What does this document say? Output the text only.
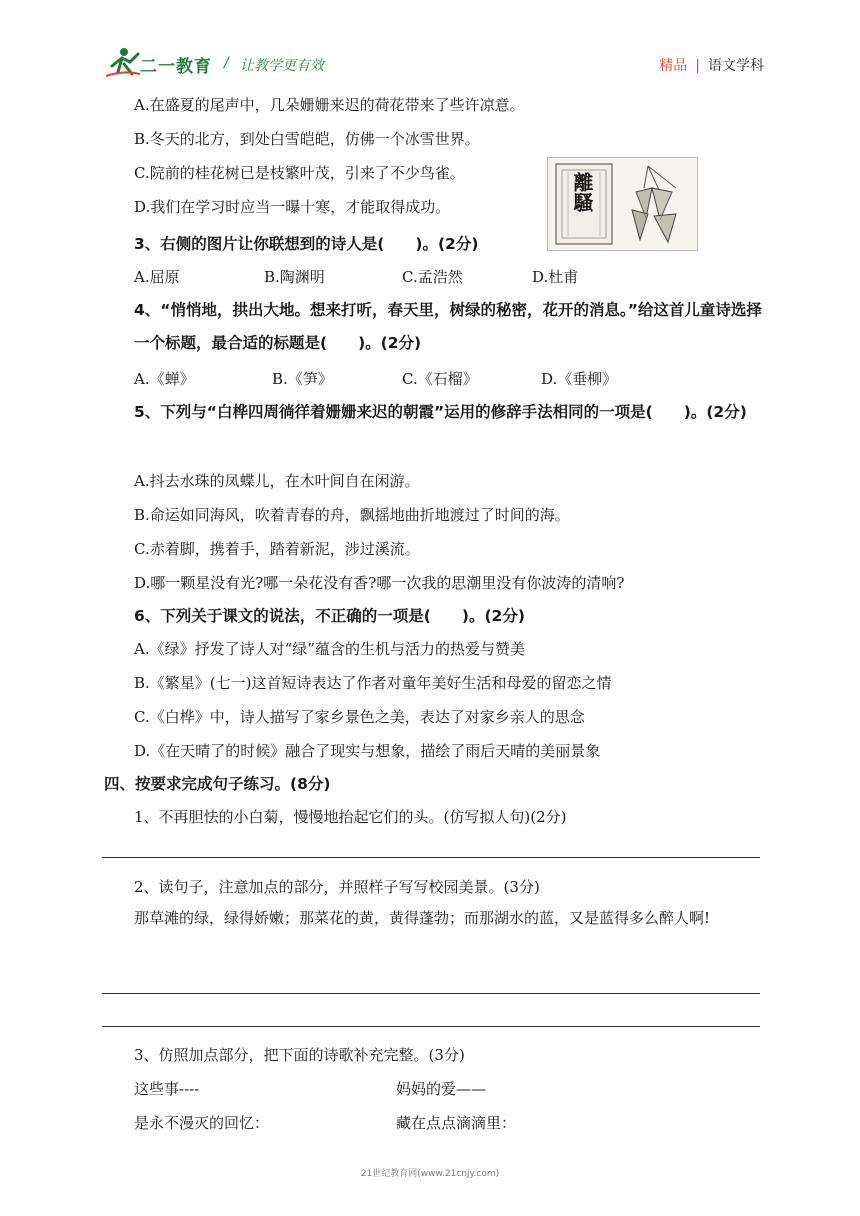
二一教育 / 让教学更有效	精品 | 语文学科
A.在盛夏的尾声中，几朵姗姗来迟的荷花带来了些许凉意。
B.冬天的北方，到处白雪皑皑，仿佛一个冰雪世界。
C.院前的桂花树已是枝繁叶茂，引来了不少鸟雀。
D.我们在学习时应当一曝十寒，才能取得成功。	離騷
3、右侧的图片让你联想到的诗人是(　　)。(2分)
A.屈原	B.陶渊明	C.孟浩然	D.杜甫
4、“悄悄地，拱出大地。想来打听，春天里，树绿的秘密，花开的消息。”给这首儿童诗选择一个标题，最合适的标题是(　　)。(2分)
A.《蝉》	B.《笋》	C.《石榴》	D.《垂柳》
5、下列与“白桦四周徜徉着姗姗来迟的朝霞”运用的修辞手法相同的一项是(　　)。(2分)
A.抖去水珠的凤蝶儿，在木叶间自在闲游。
B.命运如同海风，吹着青春的舟，飘摇地曲折地渡过了时间的海。
C.赤着脚，携着手，踏着新泥，涉过溪流。
D.哪一颗星没有光?哪一朵花没有香?哪一次我的思潮里没有你波涛的清响?
6、下列关于课文的说法，不正确的一项是(　　)。(2分)
A.《绿》抒发了诗人对“绿”蕴含的生机与活力的热爱与赞美
B.《繁星》(七一)这首短诗表达了作者对童年美好生活和母爱的留恋之情
C.《白桦》中，诗人描写了家乡景色之美，表达了对家乡亲人的思念
D.《在天晴了的时候》融合了现实与想象，描绘了雨后天晴的美丽景象
四、按要求完成句子练习。(8分)
1、不再胆怯的小白菊，慢慢地抬起它们的头。(仿写拟人句)(2分)
2、读句子，注意加点的部分，并照样子写写校园美景。(3分)
那草滩的绿，绿得娇嫩；那菜花的黄，黄得蓬勃；而那湖水的蓝，又是蓝得多么醉人啊!
3、仿照加点部分，把下面的诗歌补充完整。(3分)
这些事----	妈妈的爱——
是永不漫灭的回忆：	藏在点点滴滴里：
21世纪教育网(www.21cnjy.com)
